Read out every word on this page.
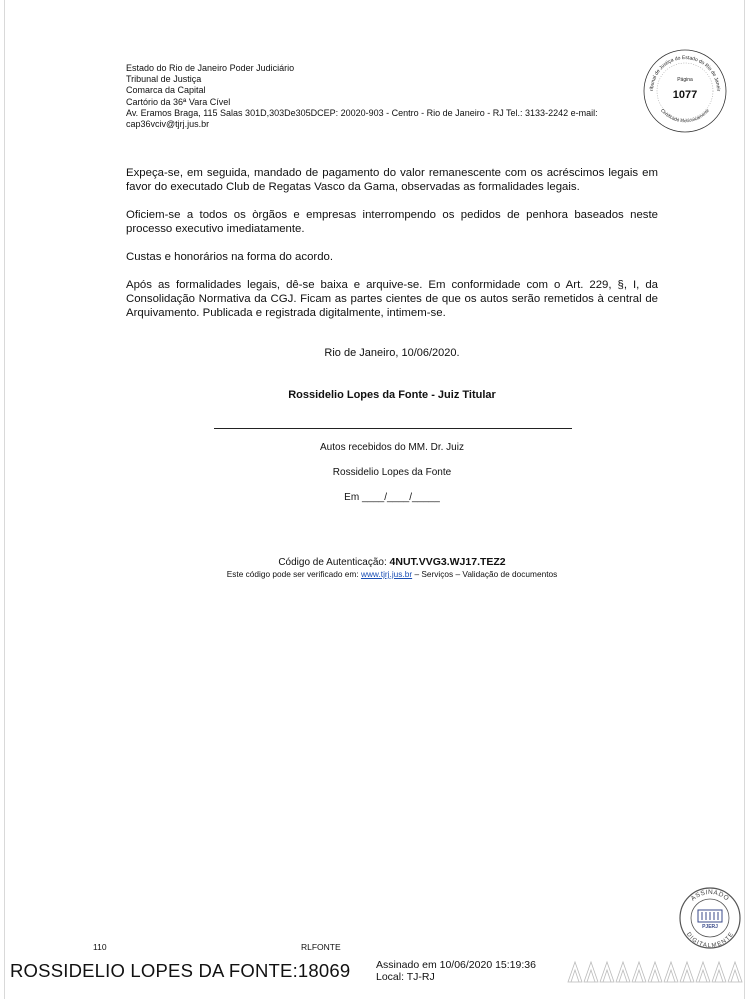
Estado do Rio de Janeiro Poder Judiciário
Tribunal de Justiça
Comarca da Capital
Cartório da 36ª Vara Cível
Av. Eramos Braga, 115 Salas 301D,303De305DCEP: 20020-903 - Centro - Rio de Janeiro - RJ Tel.: 3133-2242 e-mail:
cap36vciv@tjrj.jus.br
ribunal de Justiça do Estado do Rio de Janeir
Certificado Eletronicamente
Página
1077

Expeça-se, em seguida, mandado de pagamento do valor remanescente com os acréscimos legais em favor do executado Club de Regatas Vasco da Gama, observadas as formalidades legais.

Oficiem-se a todos os òrgãos e empresas interrompendo os pedidos de penhora baseados neste processo executivo imediatamente.

Custas e honorários na forma do acordo.

Após as formalidades legais, dê-se baixa e arquive-se. Em conformidade com o Art. 229, §, I, da Consolidação Normativa da CGJ. Ficam as partes cientes de que os autos serão remetidos à central de Arquivamento. Publicada e registrada digitalmente, intimem-se.

Rio de Janeiro, 10/06/2020.
Rossidelio Lopes da Fonte - Juiz Titular
Autos recebidos do MM. Dr. Juiz
Rossidelio Lopes da Fonte
Em ____/____/_____
Código de Autenticação: 4NUT.VVG3.WJ17.TEZ2
Este código pode ser verificado em: www.tjrj.jus.br – Serviços – Validação de documentos
110	RLFONTE
ASSINADO
DIGITALMENTE
PJERJ
ROSSIDELIO LOPES DA FONTE:18069 Assinado em 10/06/2020 15:19:36
Local: TJ-RJ
